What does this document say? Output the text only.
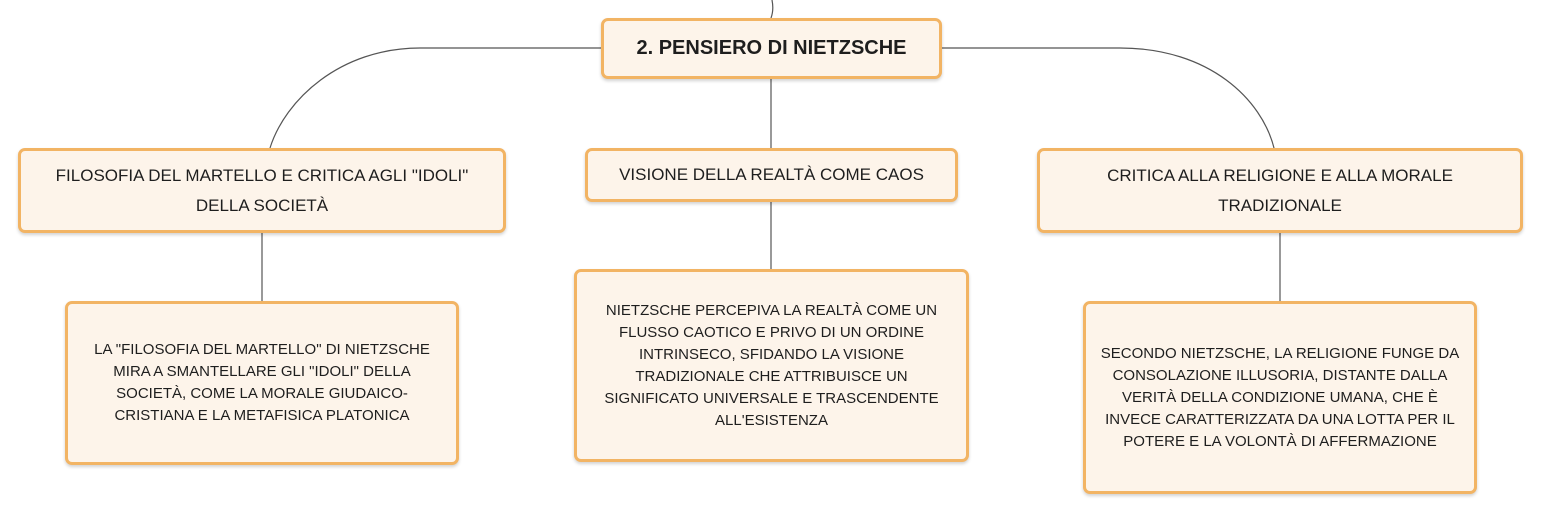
2. PENSIERO DI NIETZSCHE
FILOSOFIA DEL MARTELLO E CRITICA AGLI "IDOLI" DELLA SOCIETÀ
VISIONE DELLA REALTÀ COME CAOS	CRITICA ALLA RELIGIONE E ALLA MORALE TRADIZIONALE
LA "FILOSOFIA DEL MARTELLO" DI NIETZSCHE MIRA A SMANTELLARE GLI "IDOLI" DELLA SOCIETÀ, COME LA MORALE GIUDAICO-CRISTIANA E LA METAFISICA PLATONICA
NIETZSCHE PERCEPIVA LA REALTÀ COME UN FLUSSO CAOTICO E PRIVO DI UN ORDINE INTRINSECO, SFIDANDO LA VISIONE TRADIZIONALE CHE ATTRIBUISCE UN SIGNIFICATO UNIVERSALE E TRASCENDENTE ALL'ESISTENZA
SECONDO NIETZSCHE, LA RELIGIONE FUNGE DA CONSOLAZIONE ILLUSORIA, DISTANTE DALLA VERITÀ DELLA CONDIZIONE UMANA, CHE È INVECE CARATTERIZZATA DA UNA LOTTA PER IL POTERE E LA VOLONTÀ DI AFFERMAZIONE
